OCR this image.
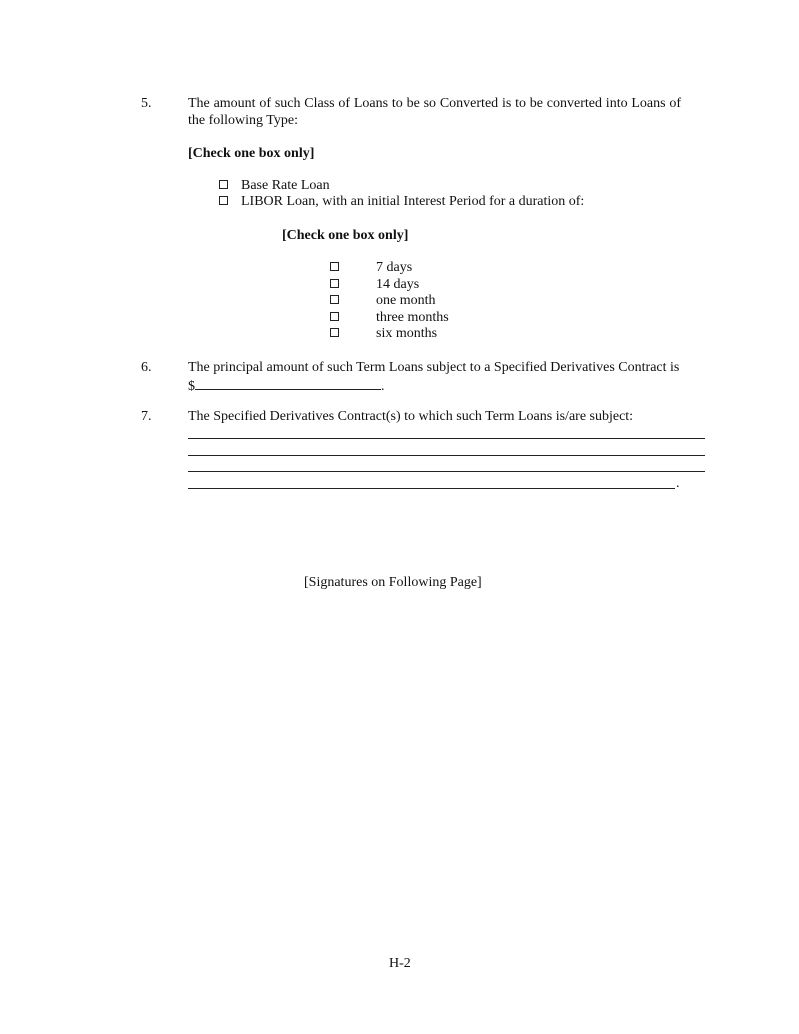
5.	The amount of such Class of Loans to be so Converted is to be converted into Loans of
the following Type:
[Check one box only]
Base Rate Loan
LIBOR Loan, with an initial Interest Period for a duration of:
[Check one box only]
7 days
14 days
one month
three months
six months
6.	The principal amount of such Term Loans subject to a Specified Derivatives Contract is
$	.
7.	The Specified Derivatives Contract(s) to which such Term Loans is/are subject:
.
[Signatures on Following Page]
H-2
